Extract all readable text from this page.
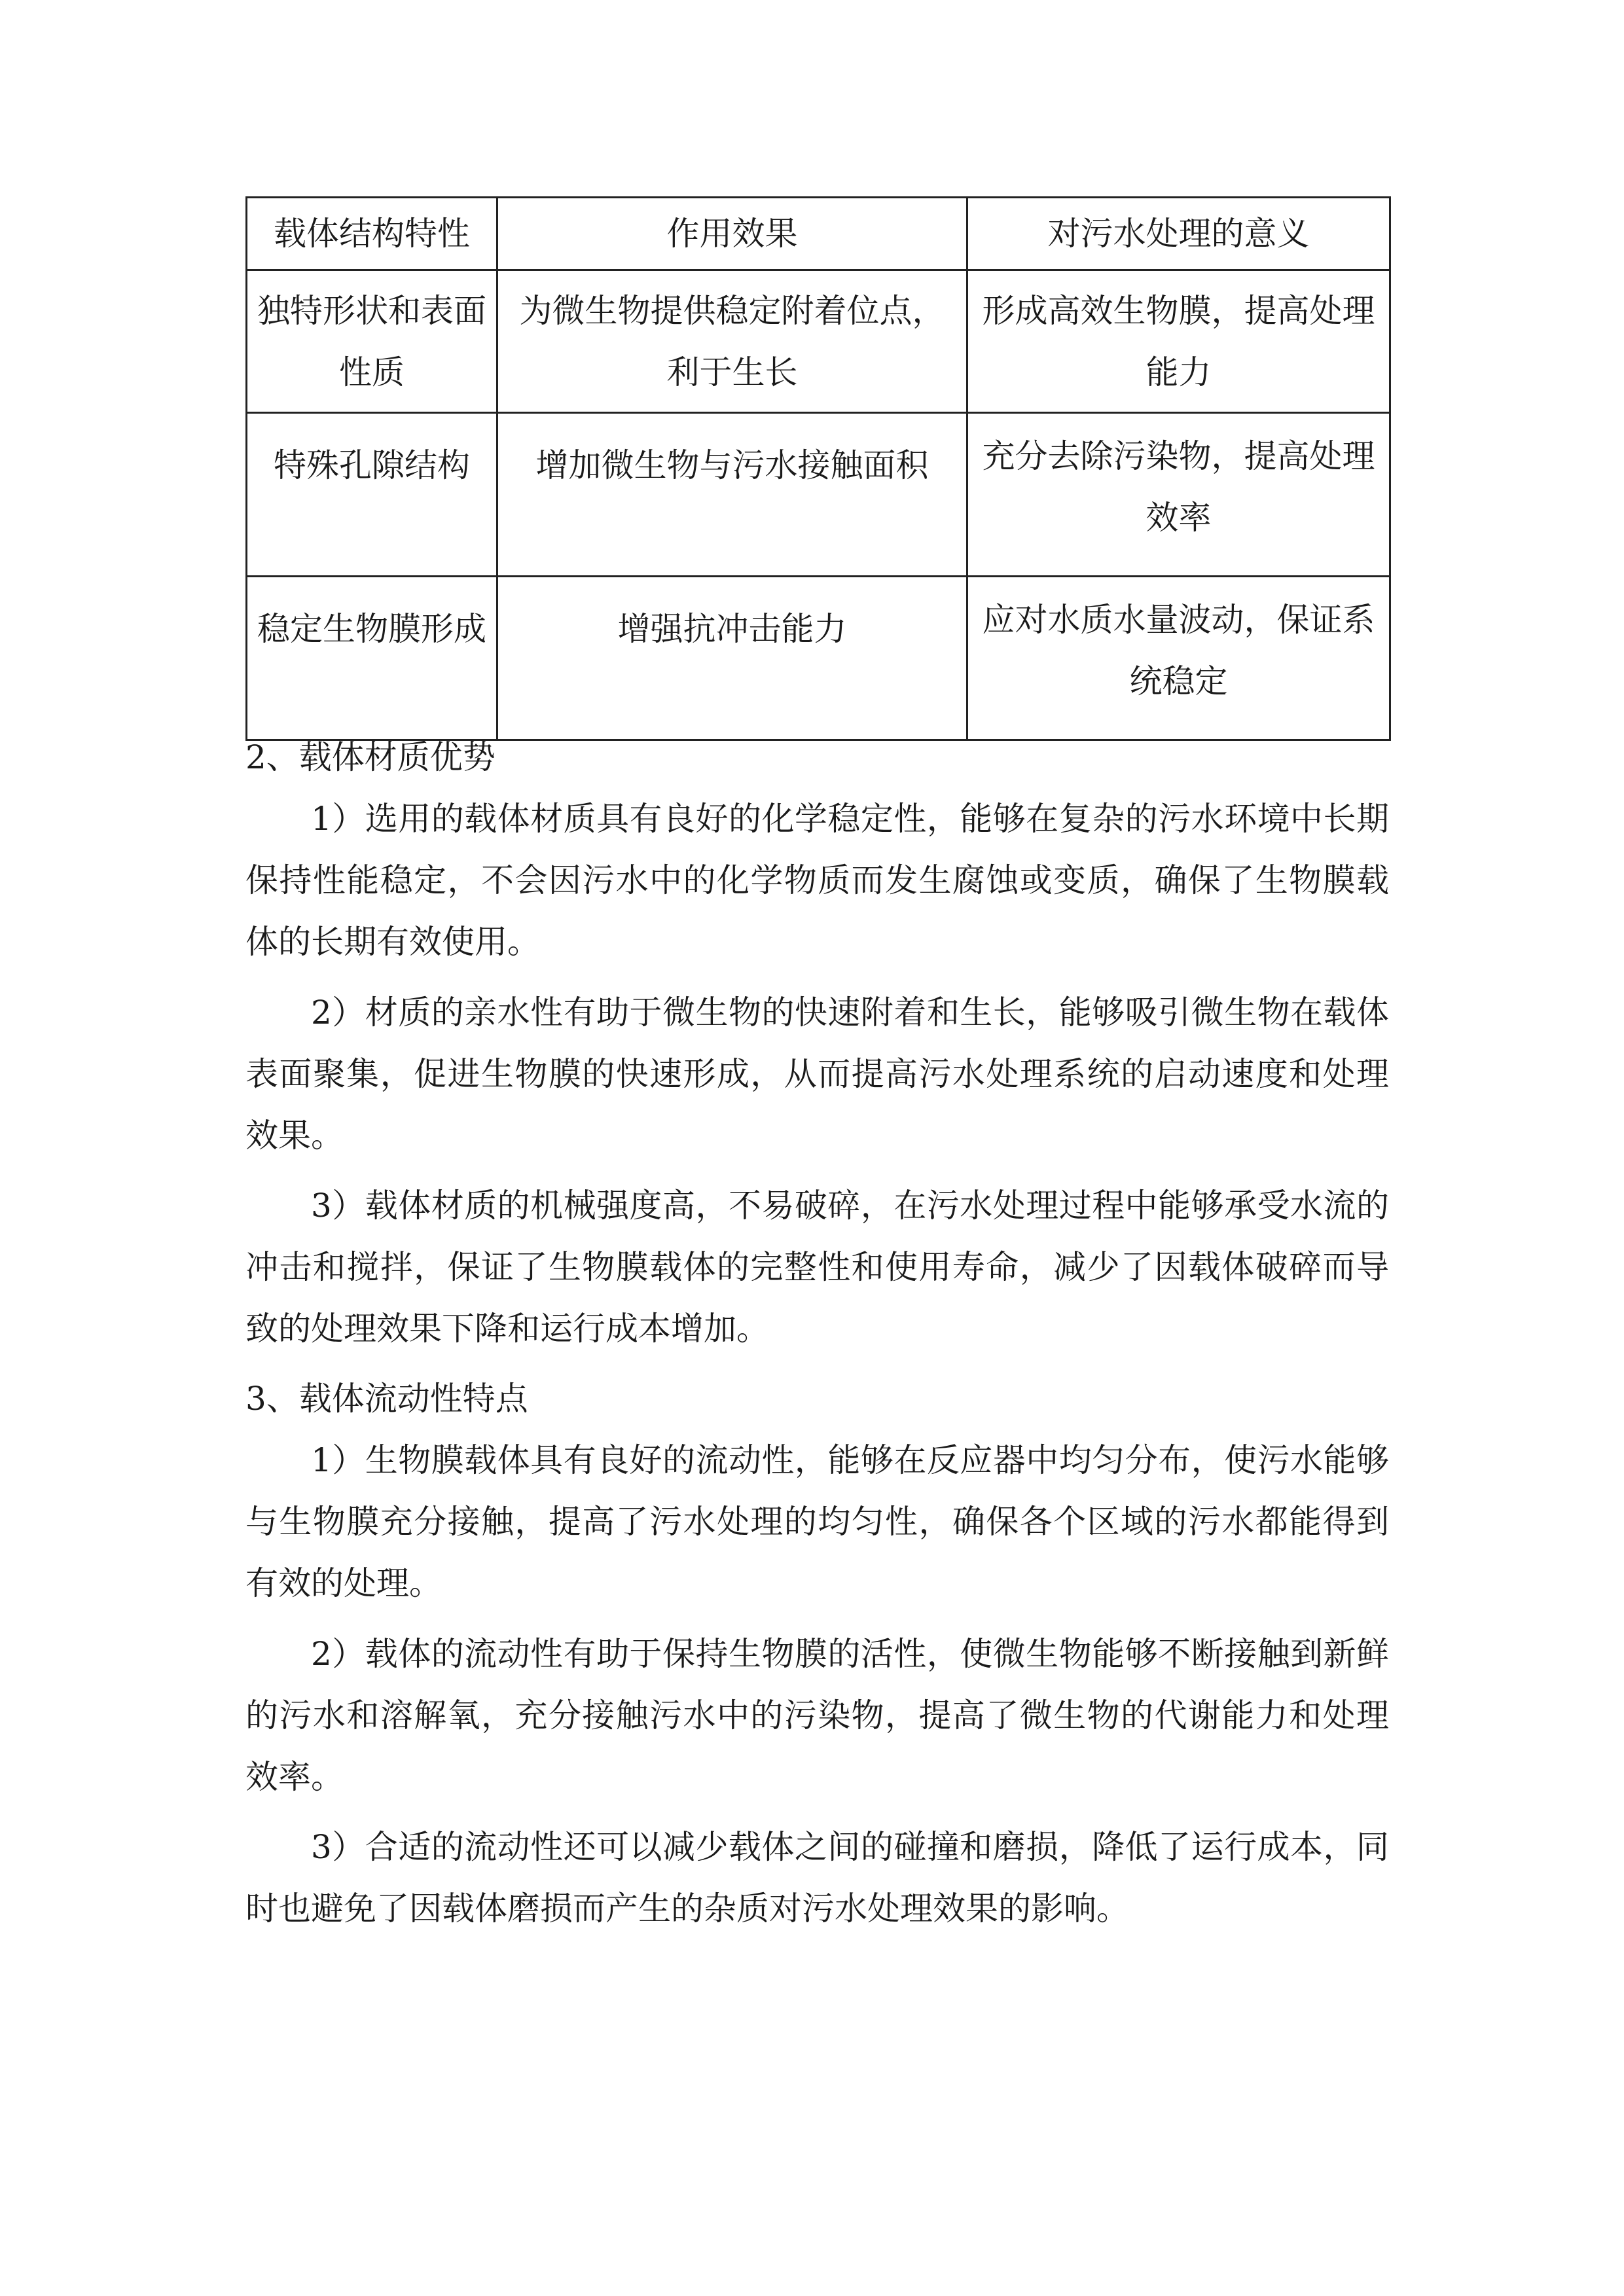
载体结构特性	作用效果	对污水处理的意义
独特形状和表面性质	为微生物提供稳定附着位点，利于生长	形成高效生物膜，提高处理能力
特殊孔隙结构	增加微生物与污水接触面积	充分去除污染物，提高处理效率
稳定生物膜形成	增强抗冲击能力	应对水质水量波动，保证系统稳定

2、载体材质优势

1）选用的载体材质具有良好的化学稳定性，能够在复杂的污水环境中长期保持性能稳定，不会因污水中的化学物质而发生腐蚀或变质，确保了生物膜载体的长期有效使用。

2）材质的亲水性有助于微生物的快速附着和生长，能够吸引微生物在载体表面聚集，促进生物膜的快速形成，从而提高污水处理系统的启动速度和处理效果。

3）载体材质的机械强度高，不易破碎，在污水处理过程中能够承受水流的冲击和搅拌，保证了生物膜载体的完整性和使用寿命，减少了因载体破碎而导致的处理效果下降和运行成本增加。

3、载体流动性特点

1）生物膜载体具有良好的流动性，能够在反应器中均匀分布，使污水能够与生物膜充分接触，提高了污水处理的均匀性，确保各个区域的污水都能得到有效的处理。

2）载体的流动性有助于保持生物膜的活性，使微生物能够不断接触到新鲜的污水和溶解氧，充分接触污水中的污染物，提高了微生物的代谢能力和处理效率。

3）合适的流动性还可以减少载体之间的碰撞和磨损，降低了运行成本，同时也避免了因载体磨损而产生的杂质对污水处理效果的影响。
